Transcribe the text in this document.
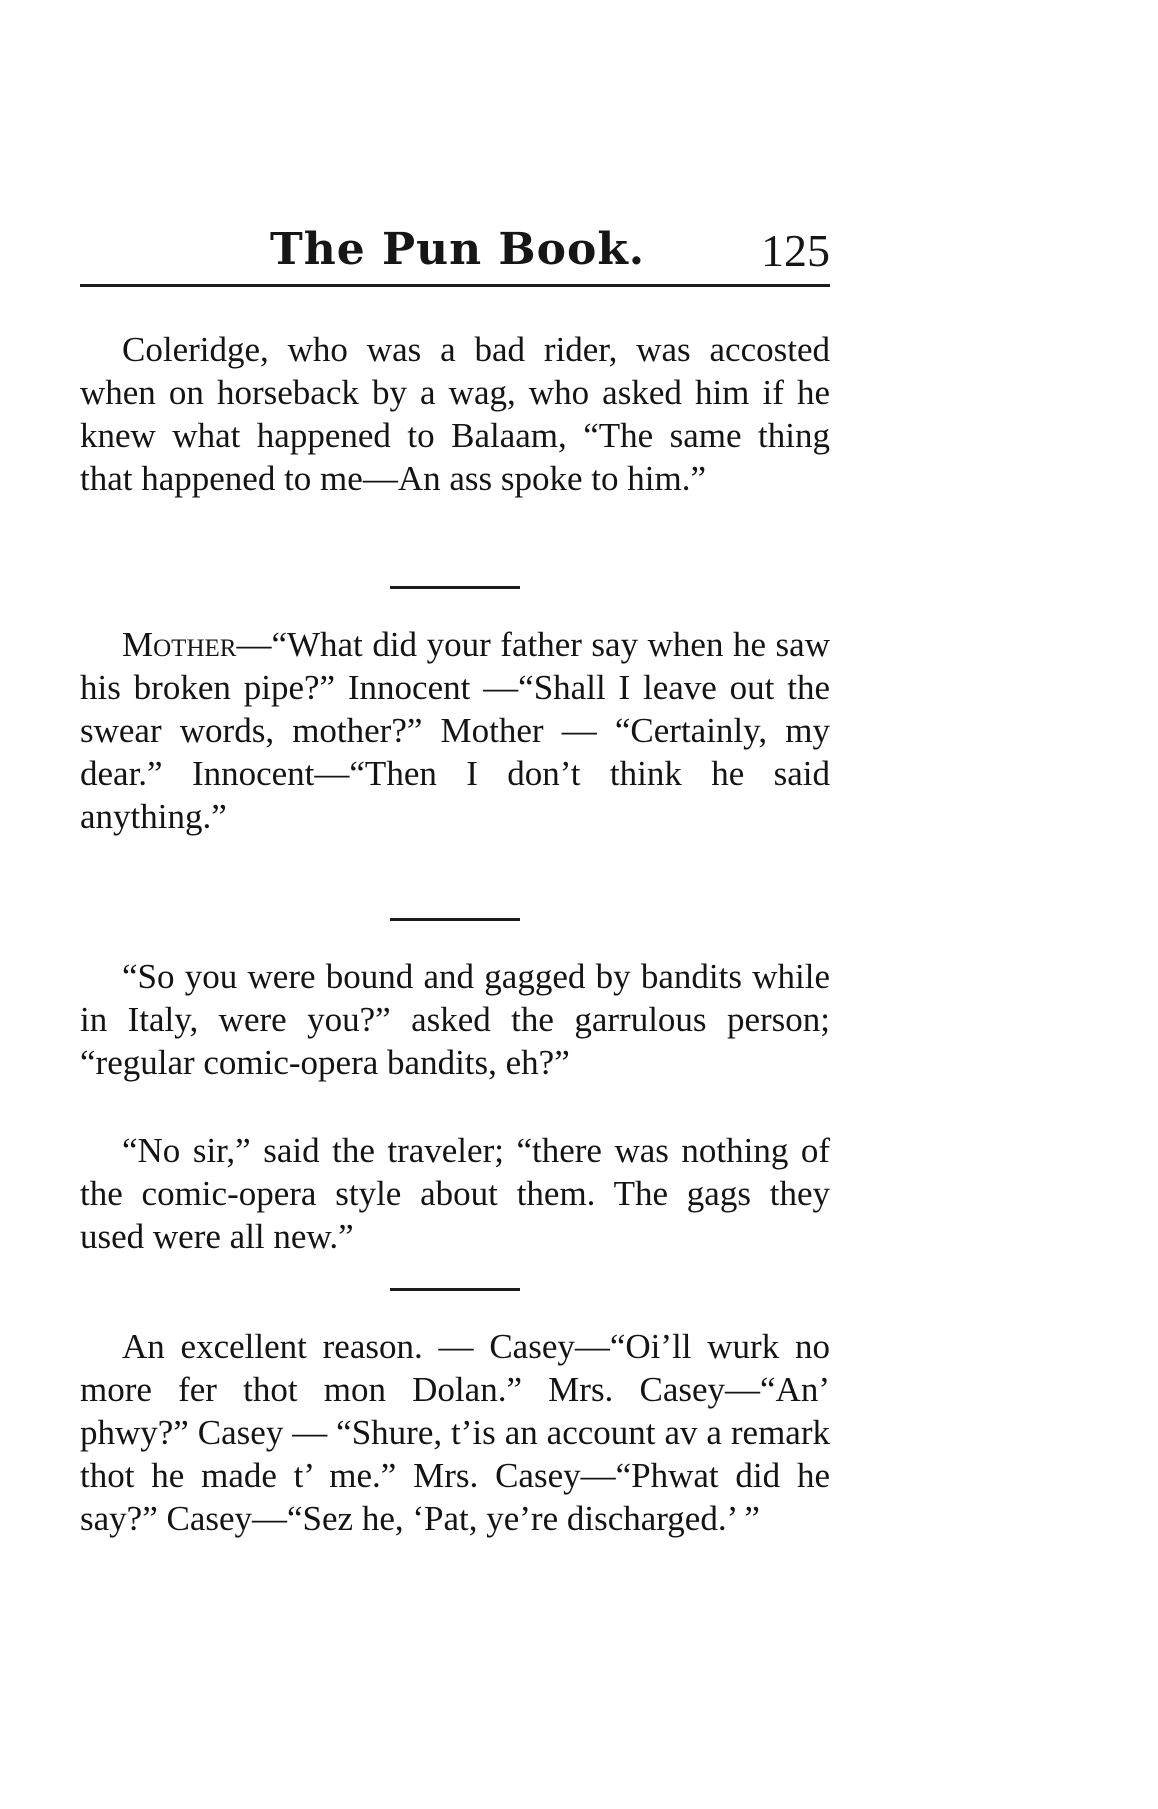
The Pun Book.	125

Coleridge, who was a bad rider, was accosted when on horseback by a wag, who asked him if he knew what happened to Balaam, “The same thing that happened to me—An ass spoke to him.”

Mother—“What did your father say when he saw his broken pipe?” Innocent —“Shall I leave out the swear words, mother?” Mother — “Certainly, my dear.” Innocent—“Then I don’t think he said anything.”

“So you were bound and gagged by bandits while in Italy, were you?” asked the garrulous person; “regular comic-opera bandits, eh?”

“No sir,” said the traveler; “there was nothing of the comic-opera style about them. The gags they used were all new.”

An excellent reason. — Casey—“Oi’ll wurk no more fer thot mon Dolan.” Mrs. Casey—“An’ phwy?” Casey — “Shure, t’is an account av a remark thot he made t’ me.” Mrs. Casey—“Phwat did he say?” Casey—“Sez he, ‘Pat, ye’re discharged.’ ”
